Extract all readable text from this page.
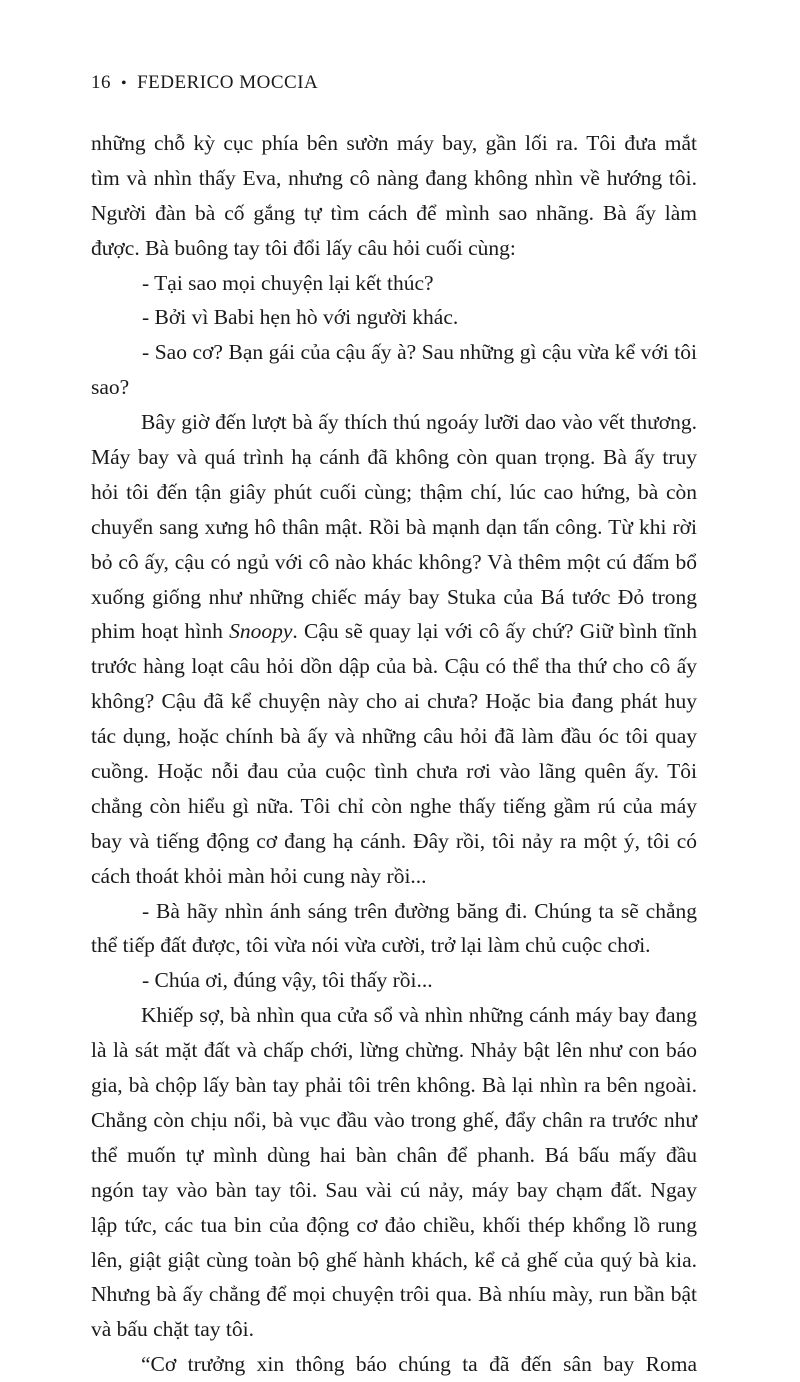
16 • FEDERICO MOCCIA
những chỗ kỳ cục phía bên sườn máy bay, gần lối ra. Tôi đưa mắt
tìm và nhìn thấy Eva, nhưng cô nàng đang không nhìn về hướng tôi.
Người đàn bà cố gắng tự tìm cách để mình sao nhãng. Bà ấy làm
được. Bà buông tay tôi đổi lấy câu hỏi cuối cùng:
- Tại sao mọi chuyện lại kết thúc?
- Bởi vì Babi hẹn hò với người khác.
- Sao cơ? Bạn gái của cậu ấy à? Sau những gì cậu vừa kể với tôi
sao?
Bây giờ đến lượt bà ấy thích thú ngoáy lưỡi dao vào vết thương.
Máy bay và quá trình hạ cánh đã không còn quan trọng. Bà ấy truy
hỏi tôi đến tận giây phút cuối cùng; thậm chí, lúc cao hứng, bà còn
chuyển sang xưng hô thân mật. Rồi bà mạnh dạn tấn công. Từ khi rời
bỏ cô ấy, cậu có ngủ với cô nào khác không? Và thêm một cú đấm bổ
xuống giống như những chiếc máy bay Stuka của Bá tước Đỏ trong
phim hoạt hình Snoopy. Cậu sẽ quay lại với cô ấy chứ? Giữ bình tĩnh
trước hàng loạt câu hỏi dồn dập của bà. Cậu có thể tha thứ cho cô ấy
không? Cậu đã kể chuyện này cho ai chưa? Hoặc bia đang phát huy
tác dụng, hoặc chính bà ấy và những câu hỏi đã làm đầu óc tôi quay
cuồng. Hoặc nỗi đau của cuộc tình chưa rơi vào lãng quên ấy. Tôi
chẳng còn hiểu gì nữa. Tôi chỉ còn nghe thấy tiếng gầm rú của máy
bay và tiếng động cơ đang hạ cánh. Đây rồi, tôi nảy ra một ý, tôi có
cách thoát khỏi màn hỏi cung này rồi...
- Bà hãy nhìn ánh sáng trên đường băng đi. Chúng ta sẽ chẳng
thể tiếp đất được, tôi vừa nói vừa cười, trở lại làm chủ cuộc chơi.
- Chúa ơi, đúng vậy, tôi thấy rồi...
Khiếp sợ, bà nhìn qua cửa sổ và nhìn những cánh máy bay đang
là là sát mặt đất và chấp chới, lừng chừng. Nhảy bật lên như con báo
gia, bà chộp lấy bàn tay phải tôi trên không. Bà lại nhìn ra bên ngoài.
Chẳng còn chịu nổi, bà vục đầu vào trong ghế, đẩy chân ra trước như
thể muốn tự mình dùng hai bàn chân để phanh. Bá bấu mấy đầu
ngón tay vào bàn tay tôi. Sau vài cú nảy, máy bay chạm đất. Ngay
lập tức, các tua bin của động cơ đảo chiều, khối thép khổng lồ rung
lên, giật giật cùng toàn bộ ghế hành khách, kể cả ghế của quý bà kia.
Nhưng bà ấy chẳng để mọi chuyện trôi qua. Bà nhíu mày, run bần bật
và bấu chặt tay tôi.
“Cơ trưởng xin thông báo chúng ta đã đến sân bay Roma
